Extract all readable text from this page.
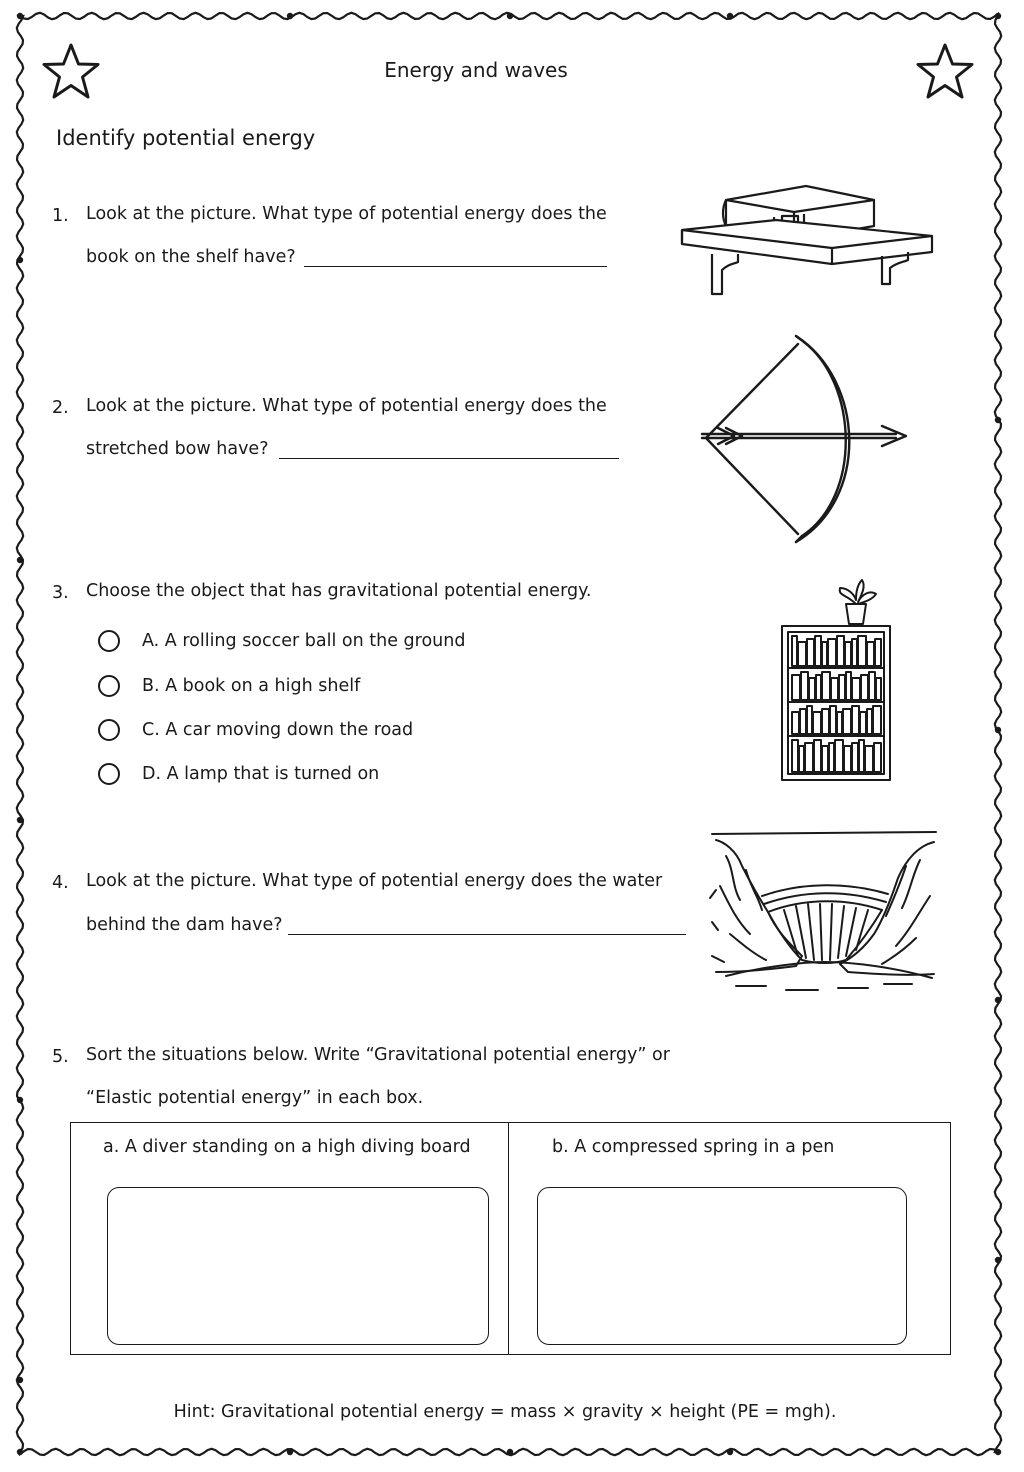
Energy and waves
Identify potential energy
1. Look at the picture. What type of potential energy does the
book on the shelf have?
2. Look at the picture. What type of potential energy does the
stretched bow have?
3. Choose the object that has gravitational potential energy.
A. A rolling soccer ball on the ground
B. A book on a high shelf
C. A car moving down the road
D. A lamp that is turned on
4. Look at the picture. What type of potential energy does the water
behind the dam have?
5. Sort the situations below. Write “Gravitational potential energy” or
“Elastic potential energy” in each box.
a. A diver standing on a high diving board	b. A compressed spring in a pen
Hint: Gravitational potential energy = mass × gravity × height (PE = mgh).
